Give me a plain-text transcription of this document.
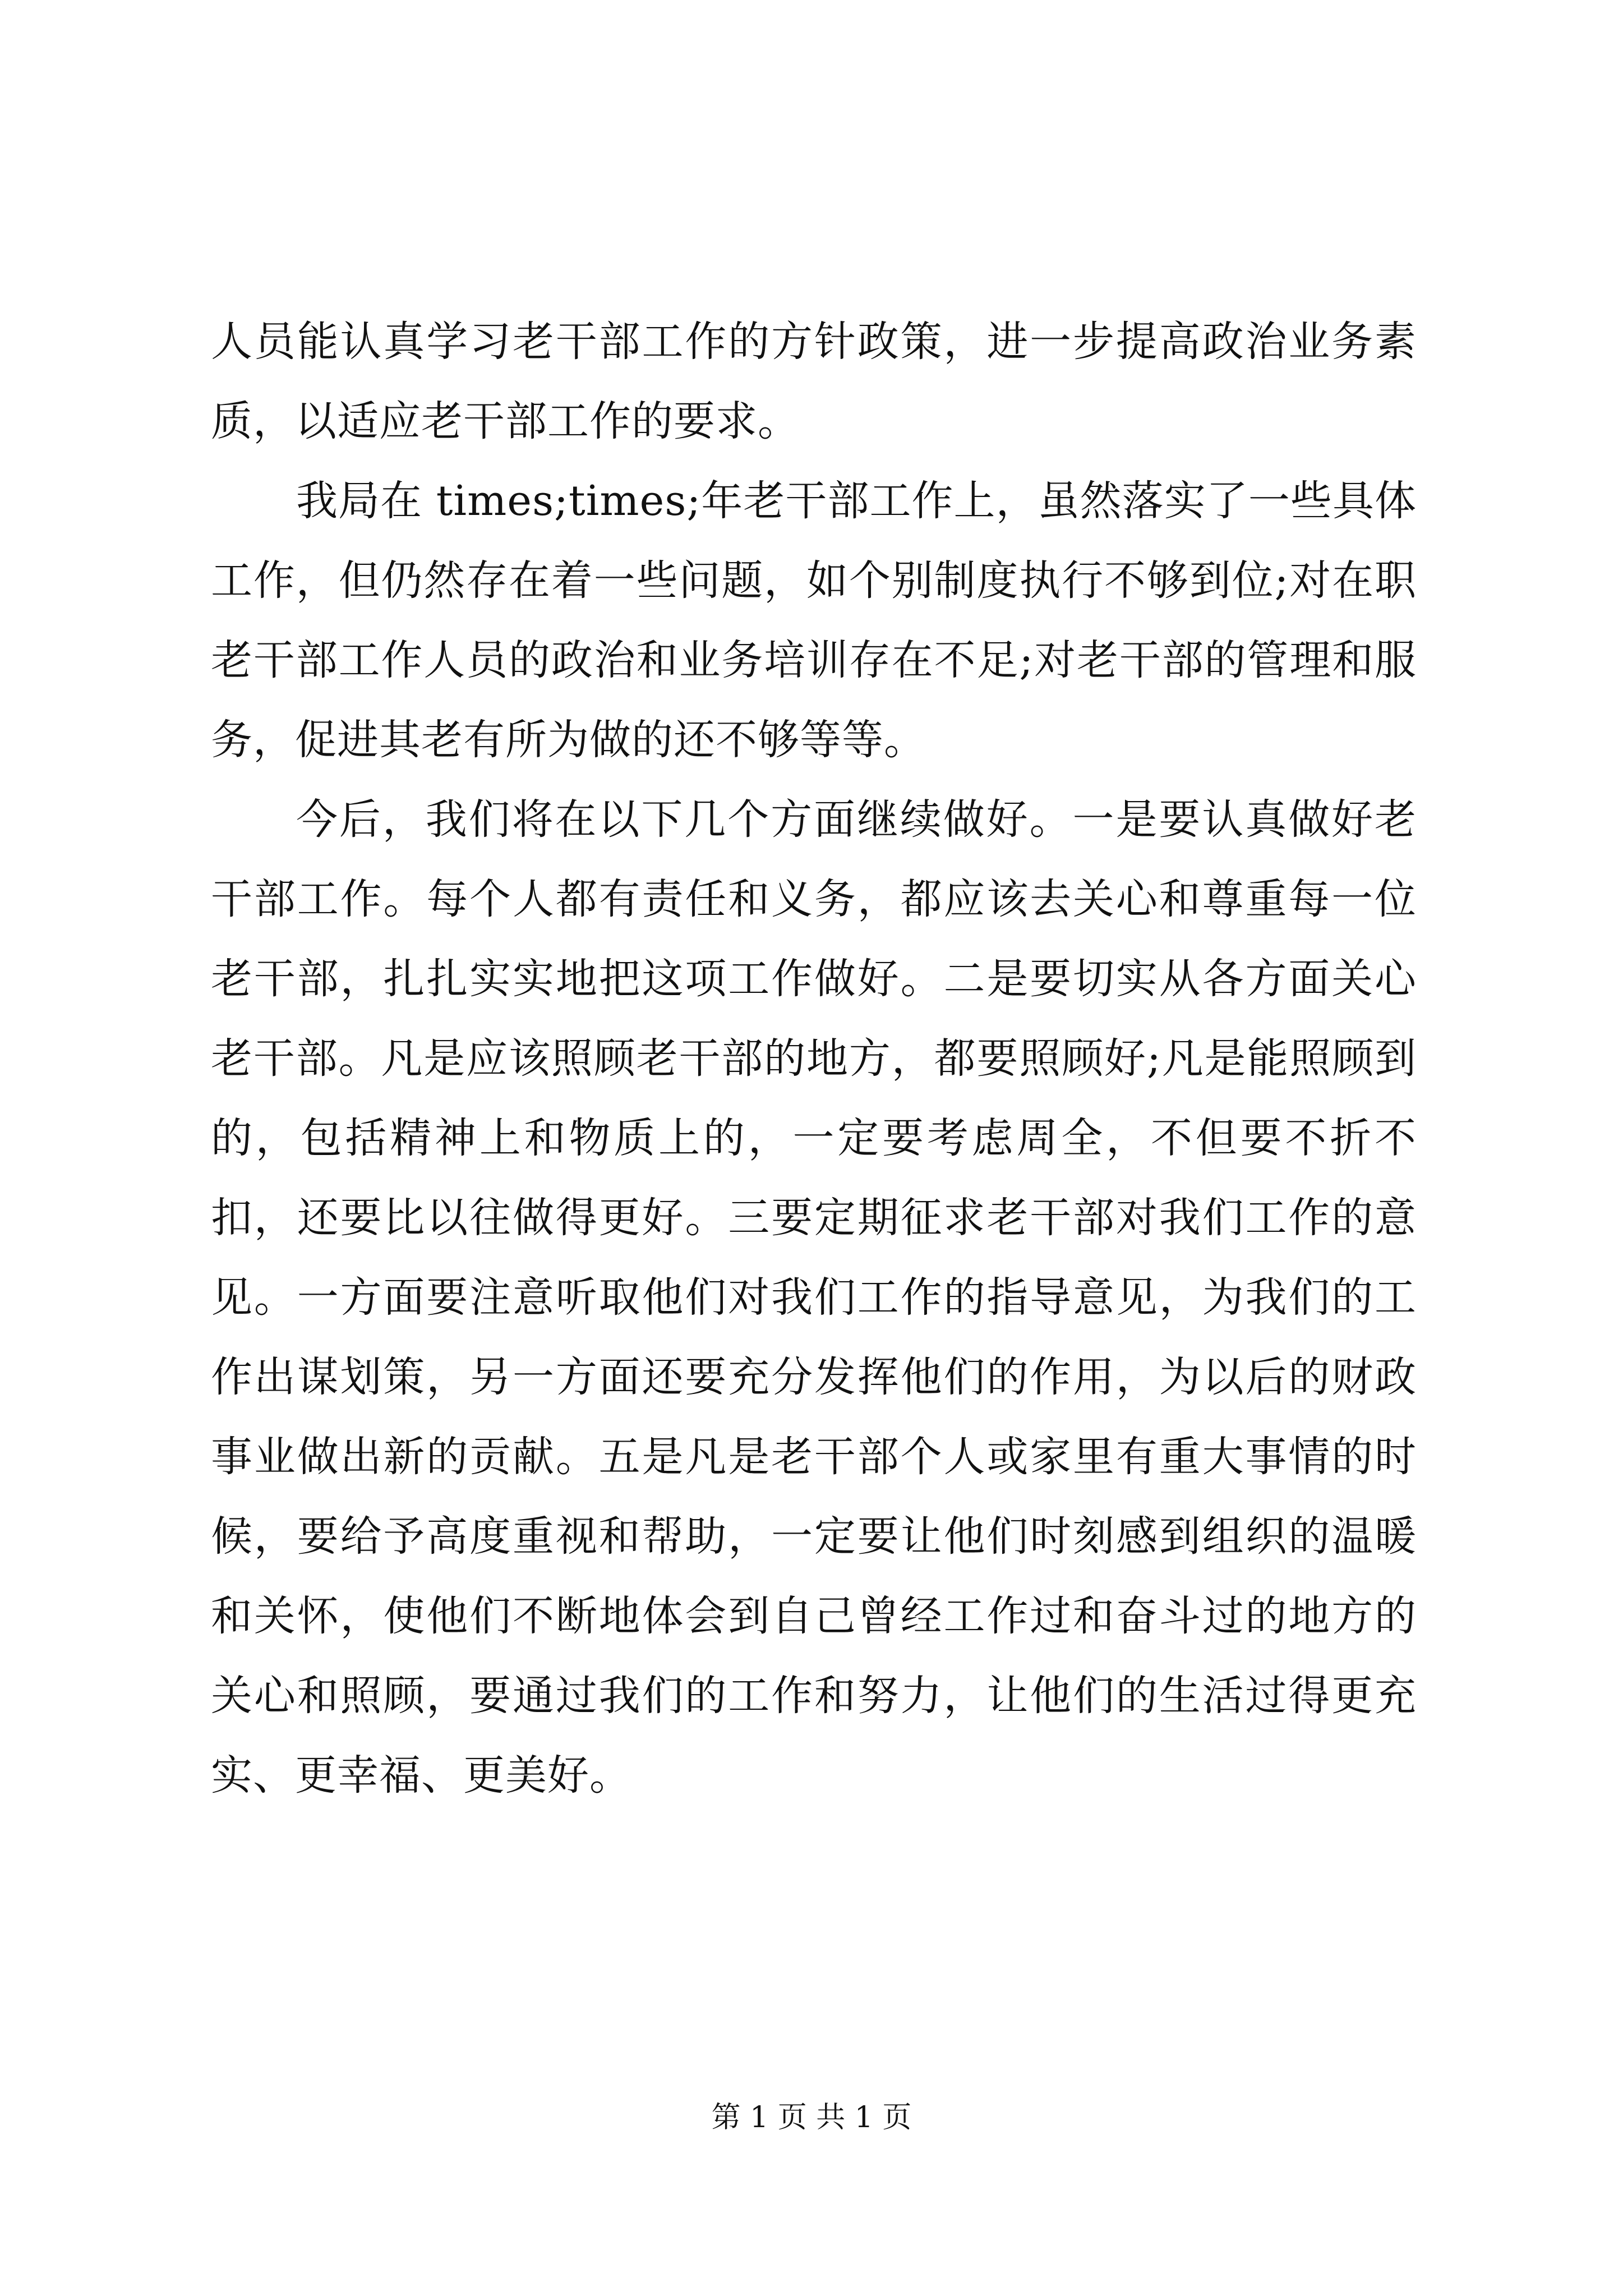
人员能认真学习老干部工作的方针政策，进一步提高政治业务素质，以适应老干部工作的要求。

我局在 times;times;年老干部工作上，虽然落实了一些具体工作，但仍然存在着一些问题，如个别制度执行不够到位;对在职老干部工作人员的政治和业务培训存在不足;对老干部的管理和服务，促进其老有所为做的还不够等等。

今后，我们将在以下几个方面继续做好。一是要认真做好老干部工作。每个人都有责任和义务，都应该去关心和尊重每一位老干部，扎扎实实地把这项工作做好。二是要切实从各方面关心老干部。凡是应该照顾老干部的地方，都要照顾好;凡是能照顾到的，包括精神上和物质上的，一定要考虑周全，不但要不折不扣，还要比以往做得更好。三要定期征求老干部对我们工作的意见。一方面要注意听取他们对我们工作的指导意见，为我们的工作出谋划策，另一方面还要充分发挥他们的作用，为以后的财政事业做出新的贡献。五是凡是老干部个人或家里有重大事情的时候，要给予高度重视和帮助，一定要让他们时刻感到组织的温暖和关怀，使他们不断地体会到自己曾经工作过和奋斗过的地方的关心和照顾，要通过我们的工作和努力，让他们的生活过得更充实、更幸福、更美好。

第 1 页 共 1 页
